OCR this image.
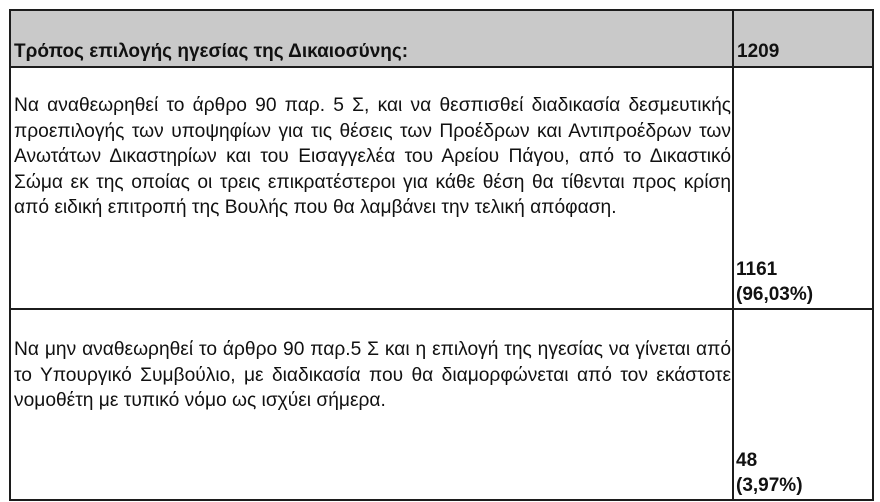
Τρόπος επιλογής ηγεσίας της Δικαιοσύνης:	1209

Να αναθεωρηθεί το άρθρο 90 παρ. 5 Σ, και να θεσπισθεί διαδικασία δεσμευτικής προεπιλογής των υποψηφίων για τις θέσεις των Προέδρων και Αντιπροέδρων των Ανωτάτων Δικαστηρίων και του Εισαγγελέα του Αρείου Πάγου, από το Δικαστικό Σώμα εκ της οποίας οι τρεις επικρατέστεροι για κάθε θέση θα τίθενται προς κρίση από ειδική επιτροπή της Βουλής που θα λαμβάνει την τελική απόφαση.	1161
(96,03%)

Να μην αναθεωρηθεί το άρθρο 90 παρ.5 Σ και η επιλογή της ηγεσίας να γίνεται από το Υπουργικό Συμβούλιο, με διαδικασία που θα διαμορφώνεται από τον εκάστοτε νομοθέτη με τυπικό νόμο ως ισχύει σήμερα.	48
(3,97%)
